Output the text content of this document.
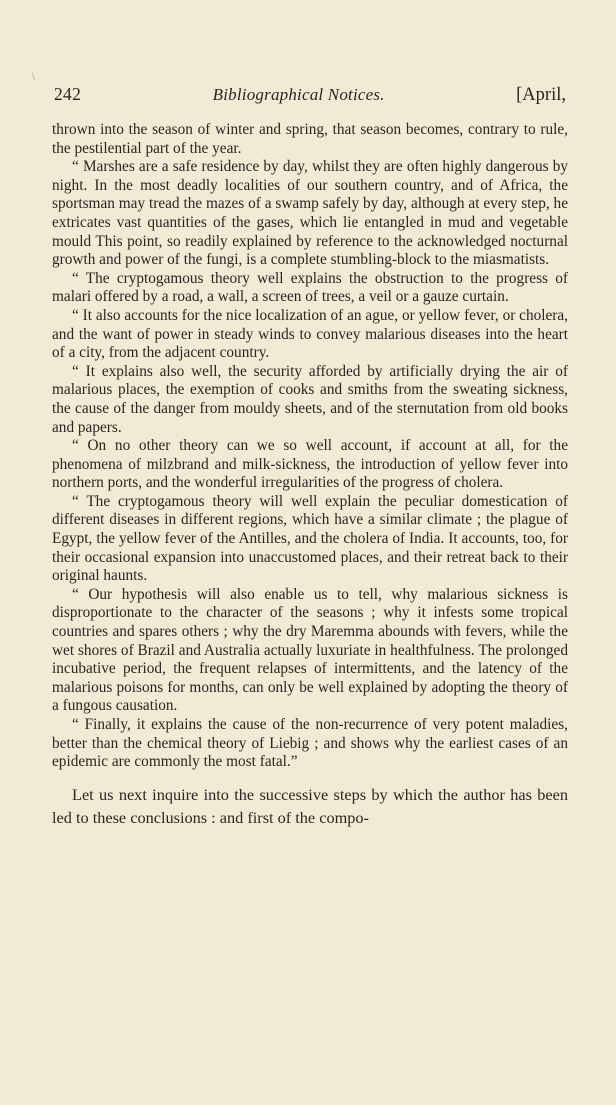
\
242	Bibliographical Notices.	[April,

thrown into the season of winter and spring, that season becomes, contrary to rule, the pestilential part of the year.

“ Marshes are a safe residence by day, whilst they are often highly dangerous by night. In the most deadly localities of our southern country, and of Africa, the sportsman may tread the mazes of a swamp safely by day, although at every step, he extricates vast quantities of the gases, which lie entangled in mud and vegetable mould This point, so readily explained by reference to the acknowledged nocturnal growth and power of the fungi, is a complete stumbling-block to the miasmatists.

“ The cryptogamous theory well explains the obstruction to the progress of malari offered by a road, a wall, a screen of trees, a veil or a gauze curtain.

“ It also accounts for the nice localization of an ague, or yellow fever, or cholera, and the want of power in steady winds to convey malarious diseases into the heart of a city, from the adjacent country.

“ It explains also well, the security afforded by artificially drying the air of malarious places, the exemption of cooks and smiths from the sweating sickness, the cause of the danger from mouldy sheets, and of the sternutation from old books and papers.

“ On no other theory can we so well account, if account at all, for the phenomena of milzbrand and milk-sickness, the introduction of yellow fever into northern ports, and the wonderful irregularities of the progress of cholera.

“ The cryptogamous theory will well explain the peculiar domestication of different diseases in different regions, which have a similar climate ; the plague of Egypt, the yellow fever of the Antilles, and the cholera of India. It accounts, too, for their occasional expansion into unaccustomed places, and their retreat back to their original haunts.

“ Our hypothesis will also enable us to tell, why malarious sickness is disproportionate to the character of the seasons ; why it infests some tropical countries and spares others ; why the dry Maremma abounds with fevers, while the wet shores of Brazil and Australia actually luxuriate in healthfulness. The prolonged incubative period, the frequent relapses of intermittents, and the latency of the malarious poisons for months, can only be well explained by adopting the theory of a fungous causation.

“ Finally, it explains the cause of the non-recurrence of very potent maladies, better than the chemical theory of Liebig ; and shows why the earliest cases of an epidemic are commonly the most fatal.”

Let us next inquire into the successive steps by which the author has been led to these conclusions : and first of the compo-
